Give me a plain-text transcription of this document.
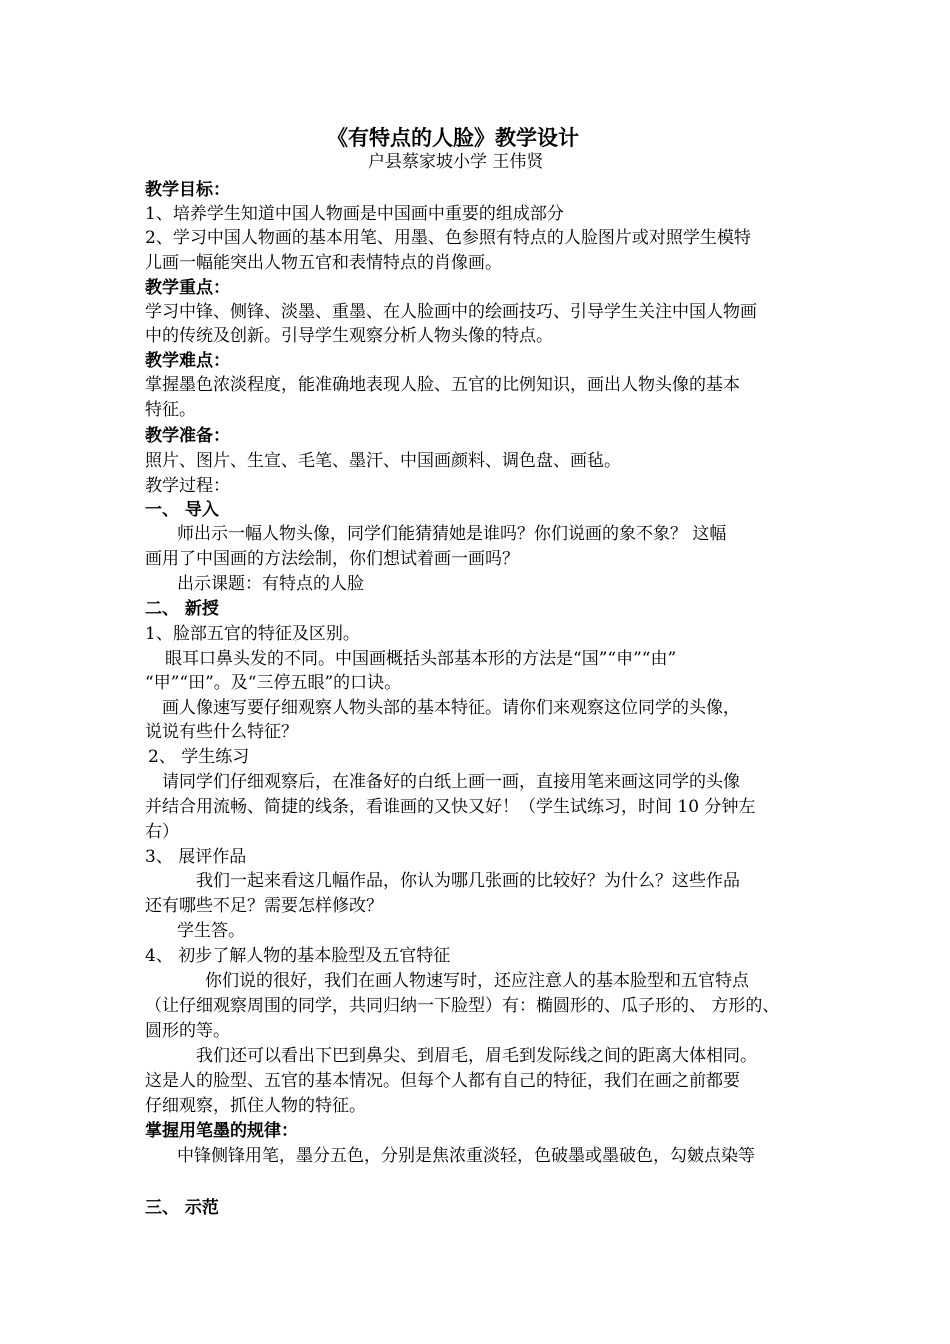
《有特点的人脸》教学设计
户县蔡家坡小学 王伟贤
教学目标：
1、培养学生知道中国人物画是中国画中重要的组成部分
2、学习中国人物画的基本用笔、用墨、色参照有特点的人脸图片或对照学生模特
儿画一幅能突出人物五官和表情特点的肖像画。
教学重点：
学习中锋、侧锋、淡墨、重墨、在人脸画中的绘画技巧、引导学生关注中国人物画
中的传统及创新。引导学生观察分析人物头像的特点。
教学难点：
掌握墨色浓淡程度，能准确地表现人脸、五官的比例知识，画出人物头像的基本
特征。
教学准备：
照片、图片、生宣、毛笔、墨汗、中国画颜料、调色盘、画毡。
教学过程：
一、 导入
师出示一幅人物头像，同学们能猜猜她是谁吗？你们说画的象不象？ 这幅
画用了中国画的方法绘制，你们想试着画一画吗？
出示课题：有特点的人脸
二、 新授
1、脸部五官的特征及区别。
眼耳口鼻头发的不同。中国画概括头部基本形的方法是“国”“申”“由”
“甲”“田”。及“三停五眼”的口诀。
画人像速写要仔细观察人物头部的基本特征。请你们来观察这位同学的头像，
说说有些什么特征？
2、 学生练习
请同学们仔细观察后，在准备好的白纸上画一画，直接用笔来画这同学的头像
并结合用流畅、简捷的线条，看谁画的又快又好！（学生试练习，时间 10 分钟左
右）
3、 展评作品
我们一起来看这几幅作品，你认为哪几张画的比较好？为什么？这些作品
还有哪些不足？需要怎样修改？
学生答。
4、 初步了解人物的基本脸型及五官特征
你们说的很好，我们在画人物速写时，还应注意人的基本脸型和五官特点
（让仔细观察周围的同学，共同归纳一下脸型）有：椭圆形的、瓜子形的、 方形的、
圆形的等。
我们还可以看出下巴到鼻尖、到眉毛，眉毛到发际线之间的距离大体相同。
这是人的脸型、五官的基本情况。但每个人都有自己的特征，我们在画之前都要
仔细观察，抓住人物的特征。
掌握用笔墨的规律：
中锋侧锋用笔，墨分五色，分别是焦浓重淡轻，色破墨或墨破色，勾皴点染等
三、 示范
